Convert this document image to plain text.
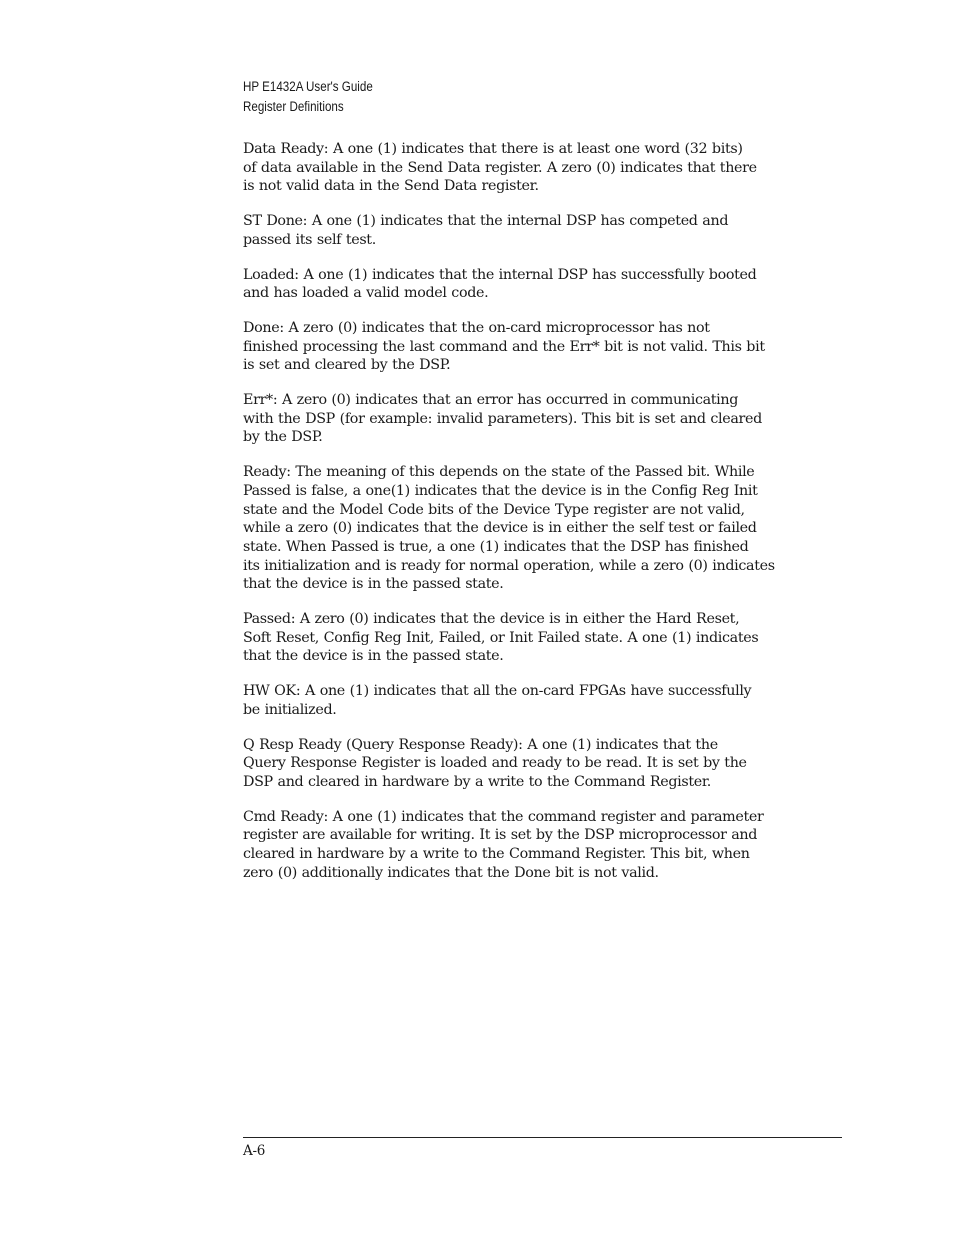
HP E1432A User's Guide
Register Definitions

Data Ready: A one (1) indicates that there is at least one word (32 bits)
of data available in the Send Data register. A zero (0) indicates that there
is not valid data in the Send Data register.

ST Done: A one (1) indicates that the internal DSP has competed and
passed its self test.

Loaded: A one (1) indicates that the internal DSP has successfully booted
and has loaded a valid model code.

Done: A zero (0) indicates that the on-card microprocessor has not
finished processing the last command and the Err* bit is not valid. This bit
is set and cleared by the DSP.

Err*: A zero (0) indicates that an error has occurred in communicating
with the DSP (for example: invalid parameters). This bit is set and cleared
by the DSP.

Ready: The meaning of this depends on the state of the Passed bit. While
Passed is false, a one(1) indicates that the device is in the Config Reg Init
state and the Model Code bits of the Device Type register are not valid,
while a zero (0) indicates that the device is in either the self test or failed
state. When Passed is true, a one (1) indicates that the DSP has finished
its initialization and is ready for normal operation, while a zero (0) indicates
that the device is in the passed state.

Passed: A zero (0) indicates that the device is in either the Hard Reset,
Soft Reset, Config Reg Init, Failed, or Init Failed state. A one (1) indicates
that the device is in the passed state.

HW OK: A one (1) indicates that all the on-card FPGAs have successfully
be initialized.

Q Resp Ready (Query Response Ready): A one (1) indicates that the
Query Response Register is loaded and ready to be read. It is set by the
DSP and cleared in hardware by a write to the Command Register.

Cmd Ready: A one (1) indicates that the command register and parameter
register are available for writing. It is set by the DSP microprocessor and
cleared in hardware by a write to the Command Register. This bit, when
zero (0) additionally indicates that the Done bit is not valid.

A-6
